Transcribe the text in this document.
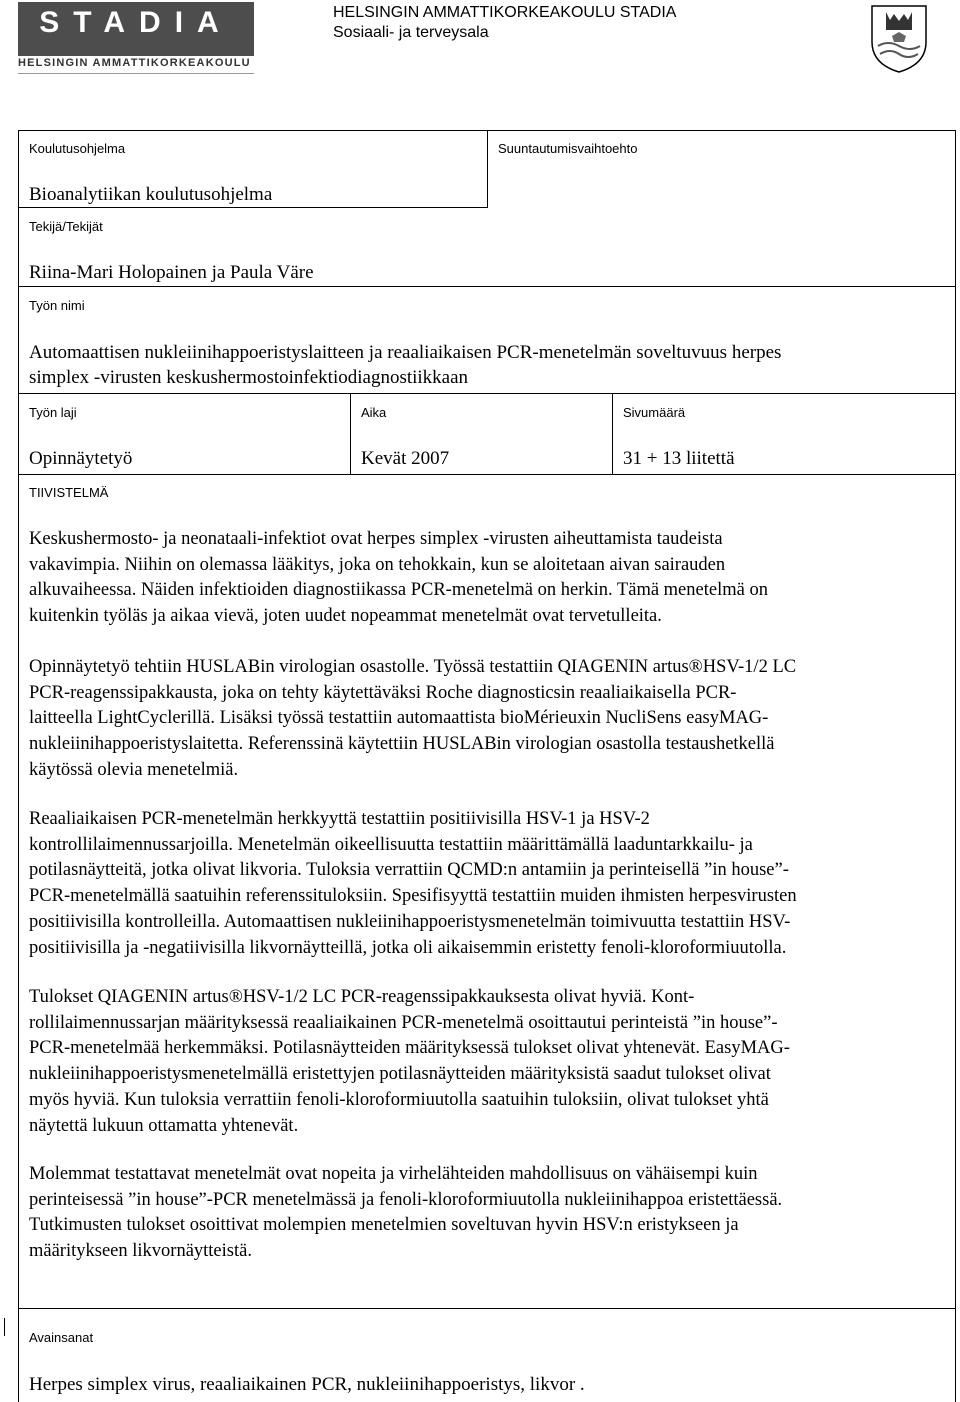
STADIA
HELSINGIN AMMATTIKORKEAKOULU
HELSINGIN AMMATTIKORKEAKOULU STADIA
Sosiaali- ja terveysala
Koulutusohjelma	Suuntautumisvaihtoehto
Bioanalytiikan koulutusohjelma
Tekijä/Tekijät
Riina-Mari Holopainen ja Paula Väre
Työn nimi
Automaattisen nukleiinihappoeristyslaitteen ja reaaliaikaisen PCR-menetelmän soveltuvuus herpes
simplex -virusten keskushermostoinfektiodiagnostiikkaan
Työn laji	Aika	Sivumäärä
Opinnäytetyö	Kevät 2007	31 + 13 liitettä
TIIVISTELMÄ

Keskushermosto- ja neonataali-infektiot ovat herpes simplex -virusten aiheuttamista taudeista

vakavimpia. Niihin on olemassa lääkitys, joka on tehokkain, kun se aloitetaan aivan sairauden

alkuvaiheessa. Näiden infektioiden diagnostiikassa PCR-menetelmä on herkin. Tämä menetelmä on

kuitenkin työläs ja aikaa vievä, joten uudet nopeammat menetelmät ovat tervetulleita.

Opinnäytetyö tehtiin HUSLABin virologian osastolle. Työssä testattiin QIAGENIN artus®HSV-1/2 LC

PCR-reagenssipakkausta, joka on tehty käytettäväksi Roche diagnosticsin reaaliaikaisella PCR-

laitteella LightCyclerillä. Lisäksi työssä testattiin automaattista bioMérieuxin NucliSens easyMAG-

nukleiinihappoeristyslaitetta. Referenssinä käytettiin HUSLABin virologian osastolla testaushetkellä

käytössä olevia menetelmiä.

Reaaliaikaisen PCR-menetelmän herkkyyttä testattiin positiivisilla HSV-1 ja HSV-2

kontrollilaimennussarjoilla. Menetelmän oikeellisuutta testattiin määrittämällä laaduntarkkailu- ja

potilasnäytteitä, jotka olivat likvoria. Tuloksia verrattiin QCMD:n antamiin ja perinteisellä ”in house”-

PCR-menetelmällä saatuihin referenssituloksiin. Spesifisyyttä testattiin muiden ihmisten herpesvirusten

positiivisilla kontrolleilla. Automaattisen nukleiinihappoeristysmenetelmän toimivuutta testattiin HSV-

positiivisilla ja -negatiivisilla likvornäytteillä, jotka oli aikaisemmin eristetty fenoli-kloroformiuutolla.

Tulokset QIAGENIN artus®HSV-1/2 LC PCR-reagenssipakkauksesta olivat hyviä. Kont-

rollilaimennussarjan määrityksessä reaaliaikainen PCR-menetelmä osoittautui perinteistä ”in house”-

PCR-menetelmää herkemmäksi. Potilasnäytteiden määrityksessä tulokset olivat yhtenevät. EasyMAG-

nukleiinihappoeristysmenetelmällä eristettyjen potilasnäytteiden määrityksistä saadut tulokset olivat

myös hyviä. Kun tuloksia verrattiin fenoli-kloroformiuutolla saatuihin tuloksiin, olivat tulokset yhtä

näytettä lukuun ottamatta yhtenevät.

Molemmat testattavat menetelmät ovat nopeita ja virhelähteiden mahdollisuus on vähäisempi kuin

perinteisessä ”in house”-PCR menetelmässä ja fenoli-kloroformiuutolla nukleiinihappoa eristettäessä.

Tutkimusten tulokset osoittivat molempien menetelmien soveltuvan hyvin HSV:n eristykseen ja

määritykseen likvornäytteistä.

Avainsanat
Herpes simplex virus, reaaliaikainen PCR, nukleiinihappoeristys, likvor .
